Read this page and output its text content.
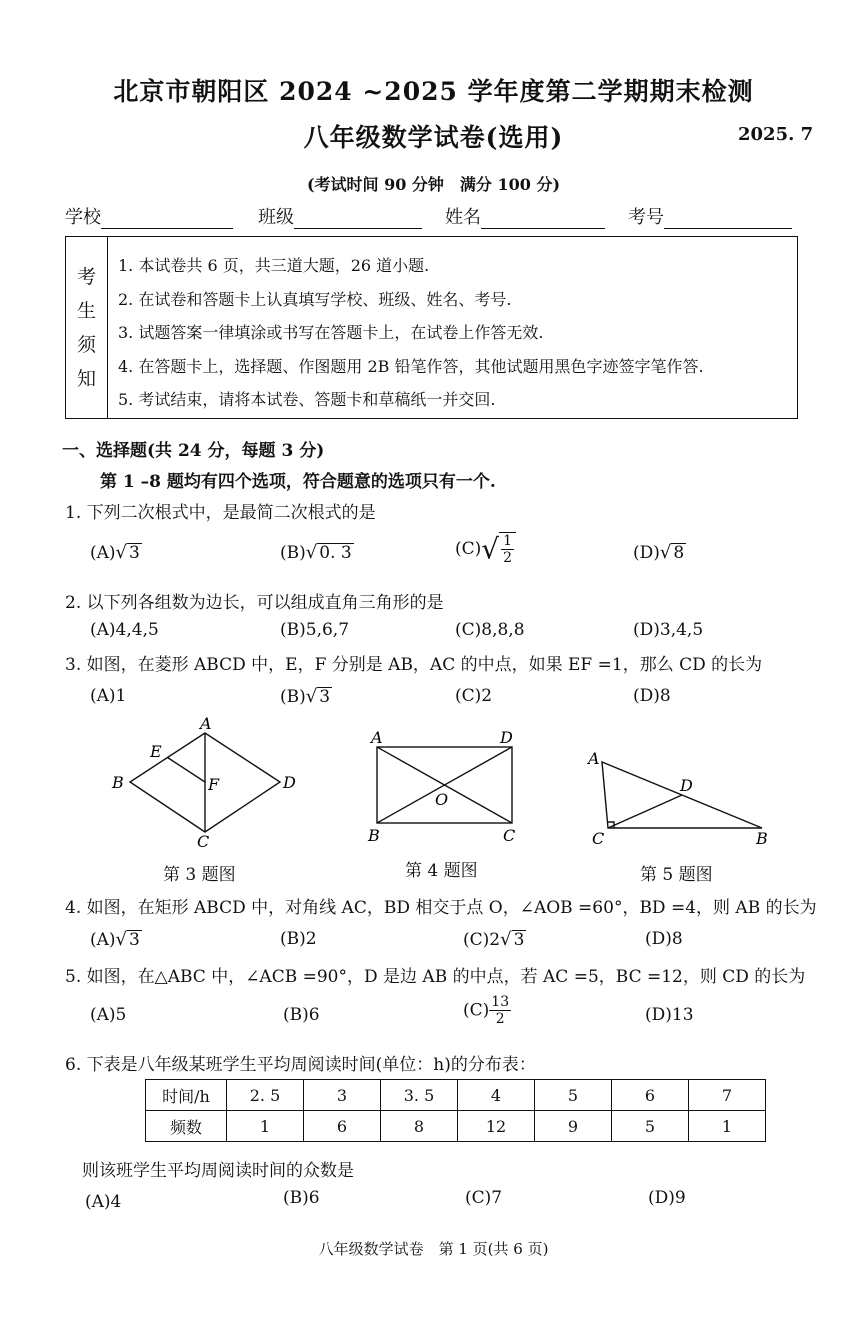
北京市朝阳区 2024 ~2025 学年度第二学期期末检测
八年级数学试卷(选用)	2025. 7
(考试时间 90 分钟　满分 100 分)
学校	班级	姓名	考号
考
生
须
知
1. 本试卷共 6 页，共三道大题，26 道小题.
2. 在试卷和答题卡上认真填写学校、班级、姓名、考号.
3. 试题答案一律填涂或书写在答题卡上，在试卷上作答无效.
4. 在答题卡上，选择题、作图题用 2B 铅笔作答，其他试题用黑色字迹签字笔作答.
5. 考试结束，请将本试卷、答题卡和草稿纸一并交回.
一、选择题(共 24 分，每题 3 分)
第 1 –8 题均有四个选项，符合题意的选项只有一个.
1. 下列二次根式中，是最简二次根式的是
(A)√ 3	(B)√ 0. 3	$(C)√ \frac{1}{2}$	(D)√ 8
2. 以下列各组数为边长，可以组成直角三角形的是
(A)4,4,5	(B)5,6,7	(C)8,8,8	(D)3,4,5
3. 如图，在菱形 ABCD 中，E，F 分别是 AB，AC 的中点，如果 EF =1，那么 CD 的长为
(A)1	(B)√ 3	(C)2	(D)8
A
B
C
D
E
F
A
B	C
D
O
A
B
C
D
第 3 题图	第 4 题图	第 5 题图
4. 如图，在矩形 ABCD 中，对角线 AC，BD 相交于点 O，∠AOB =60°，BD =4，则 AB 的长为
(A)√ 3	(B)2	(C)2√ 3	(D)8
5. 如图，在△ABC 中，∠ACB =90°，D 是边 AB 的中点，若 AC =5，BC =12，则 CD 的长为
(A)5	(B)6	$(C) \frac{13}{2}$	(D)13
6. 下表是八年级某班学生平均周阅读时间(单位：h)的分布表：
时间/h	2. 5	3	3. 5	4	5	6	7
频数	1	6	8	12	9	5	1
则该班学生平均周阅读时间的众数是
(A)4	(B)6	(C)7	(D)9
八年级数学试卷　第 1 页(共 6 页)
